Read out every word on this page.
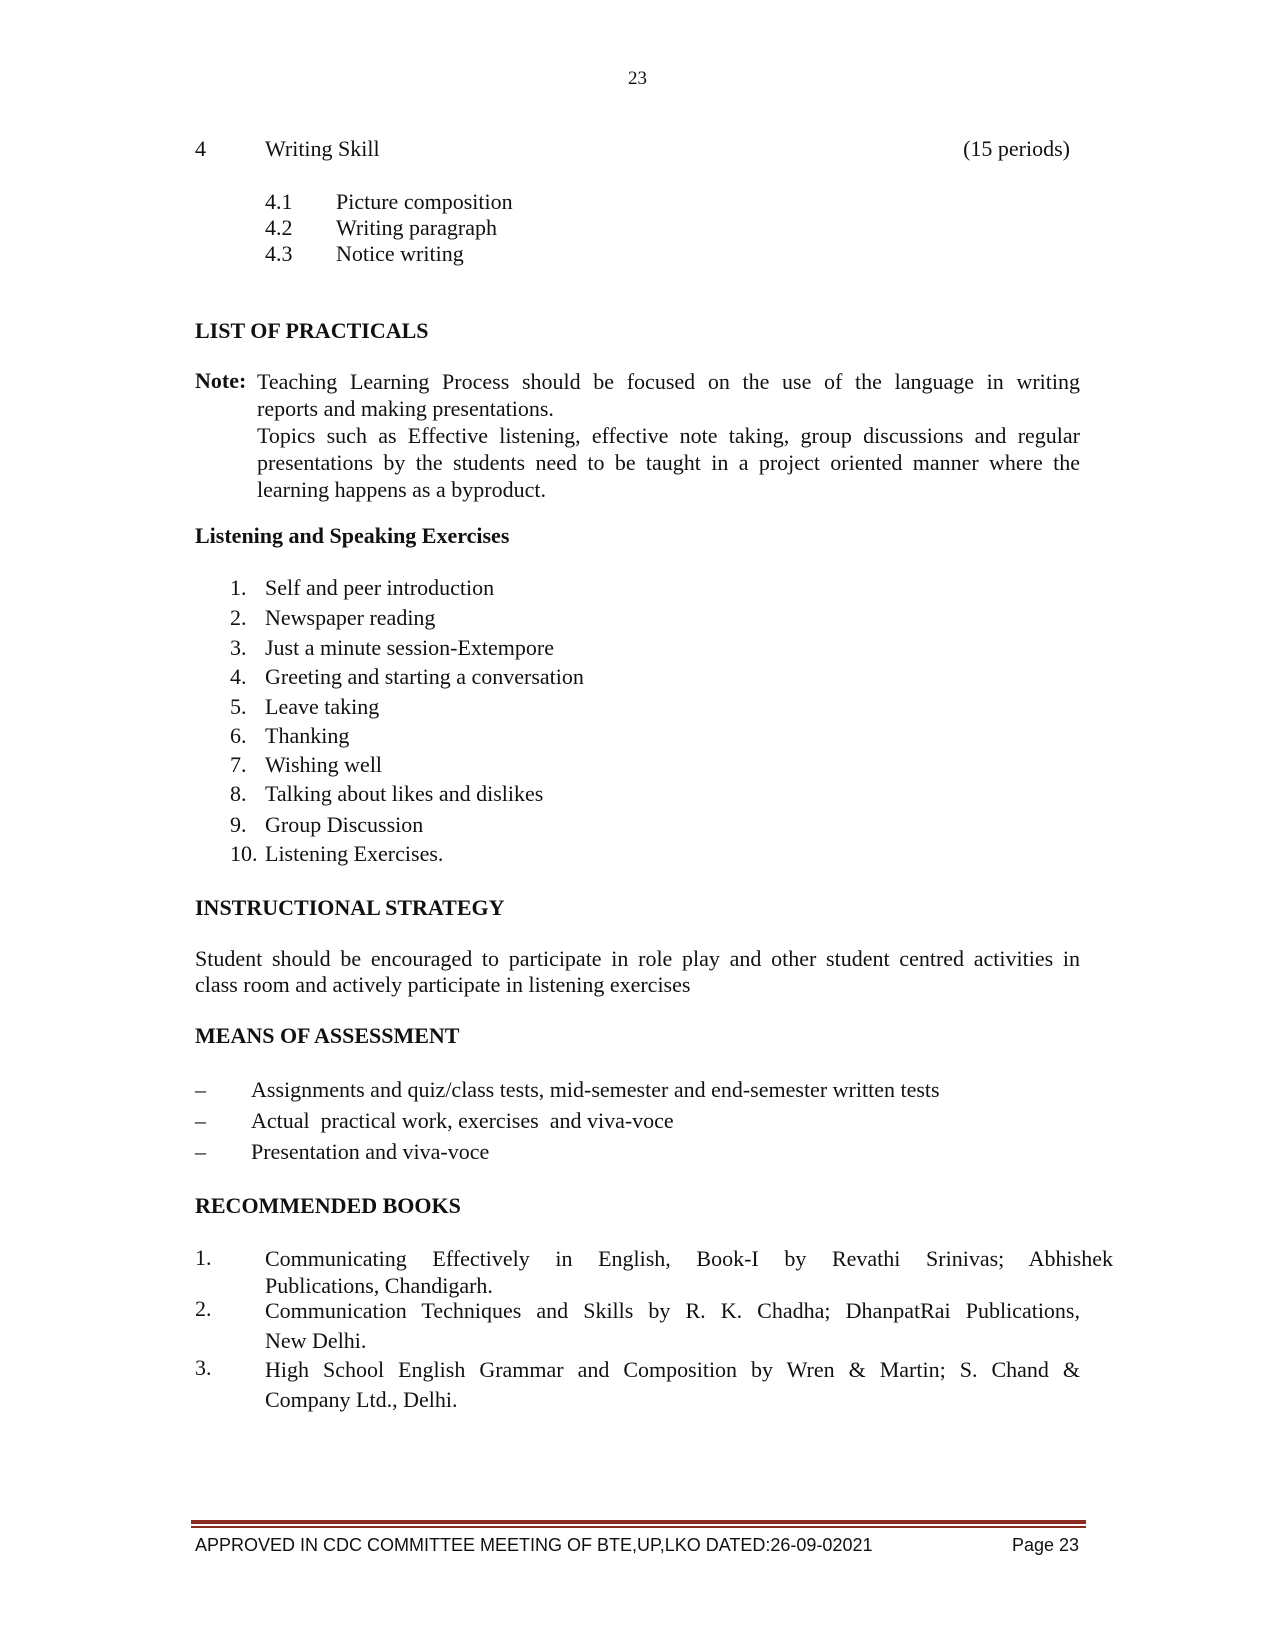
23
4	Writing Skill	(15 periods)
4.1 Picture composition
4.2 Writing paragraph
4.3 Notice writing
LIST OF PRACTICALS
Note: Teaching Learning Process should be focused on the use of the language in writing
reports and making presentations.
Topics such as Effective listening, effective note taking, group discussions and regular
presentations by the students need to be taught in a project oriented manner where the
learning happens as a byproduct.
Listening and Speaking Exercises
1. Self and peer introduction
2. Newspaper reading
3. Just a minute session-Extempore
4. Greeting and starting a conversation
5. Leave taking
6. Thanking
7. Wishing well
8. Talking about likes and dislikes
9. Group Discussion
10. Listening Exercises.
INSTRUCTIONAL STRATEGY
Student should be encouraged to participate in role play and other student centred activities in
class room and actively participate in listening exercises
MEANS OF ASSESSMENT
– Assignments and quiz/class tests, mid-semester and end-semester written tests
– Actual  practical work, exercises  and viva-voce
– Presentation and viva-voce
RECOMMENDED BOOKS
1. Communicating Effectively in English, Book-I by Revathi Srinivas; Abhishek
Publications, Chandigarh.
2. Communication Techniques and Skills by R. K. Chadha; DhanpatRai Publications,
New Delhi.
3. High School English Grammar and Composition by Wren & Martin; S. Chand &
Company Ltd., Delhi.
APPROVED IN CDC COMMITTEE MEETING OF BTE,UP,LKO DATED:26-09-02021	Page 23
